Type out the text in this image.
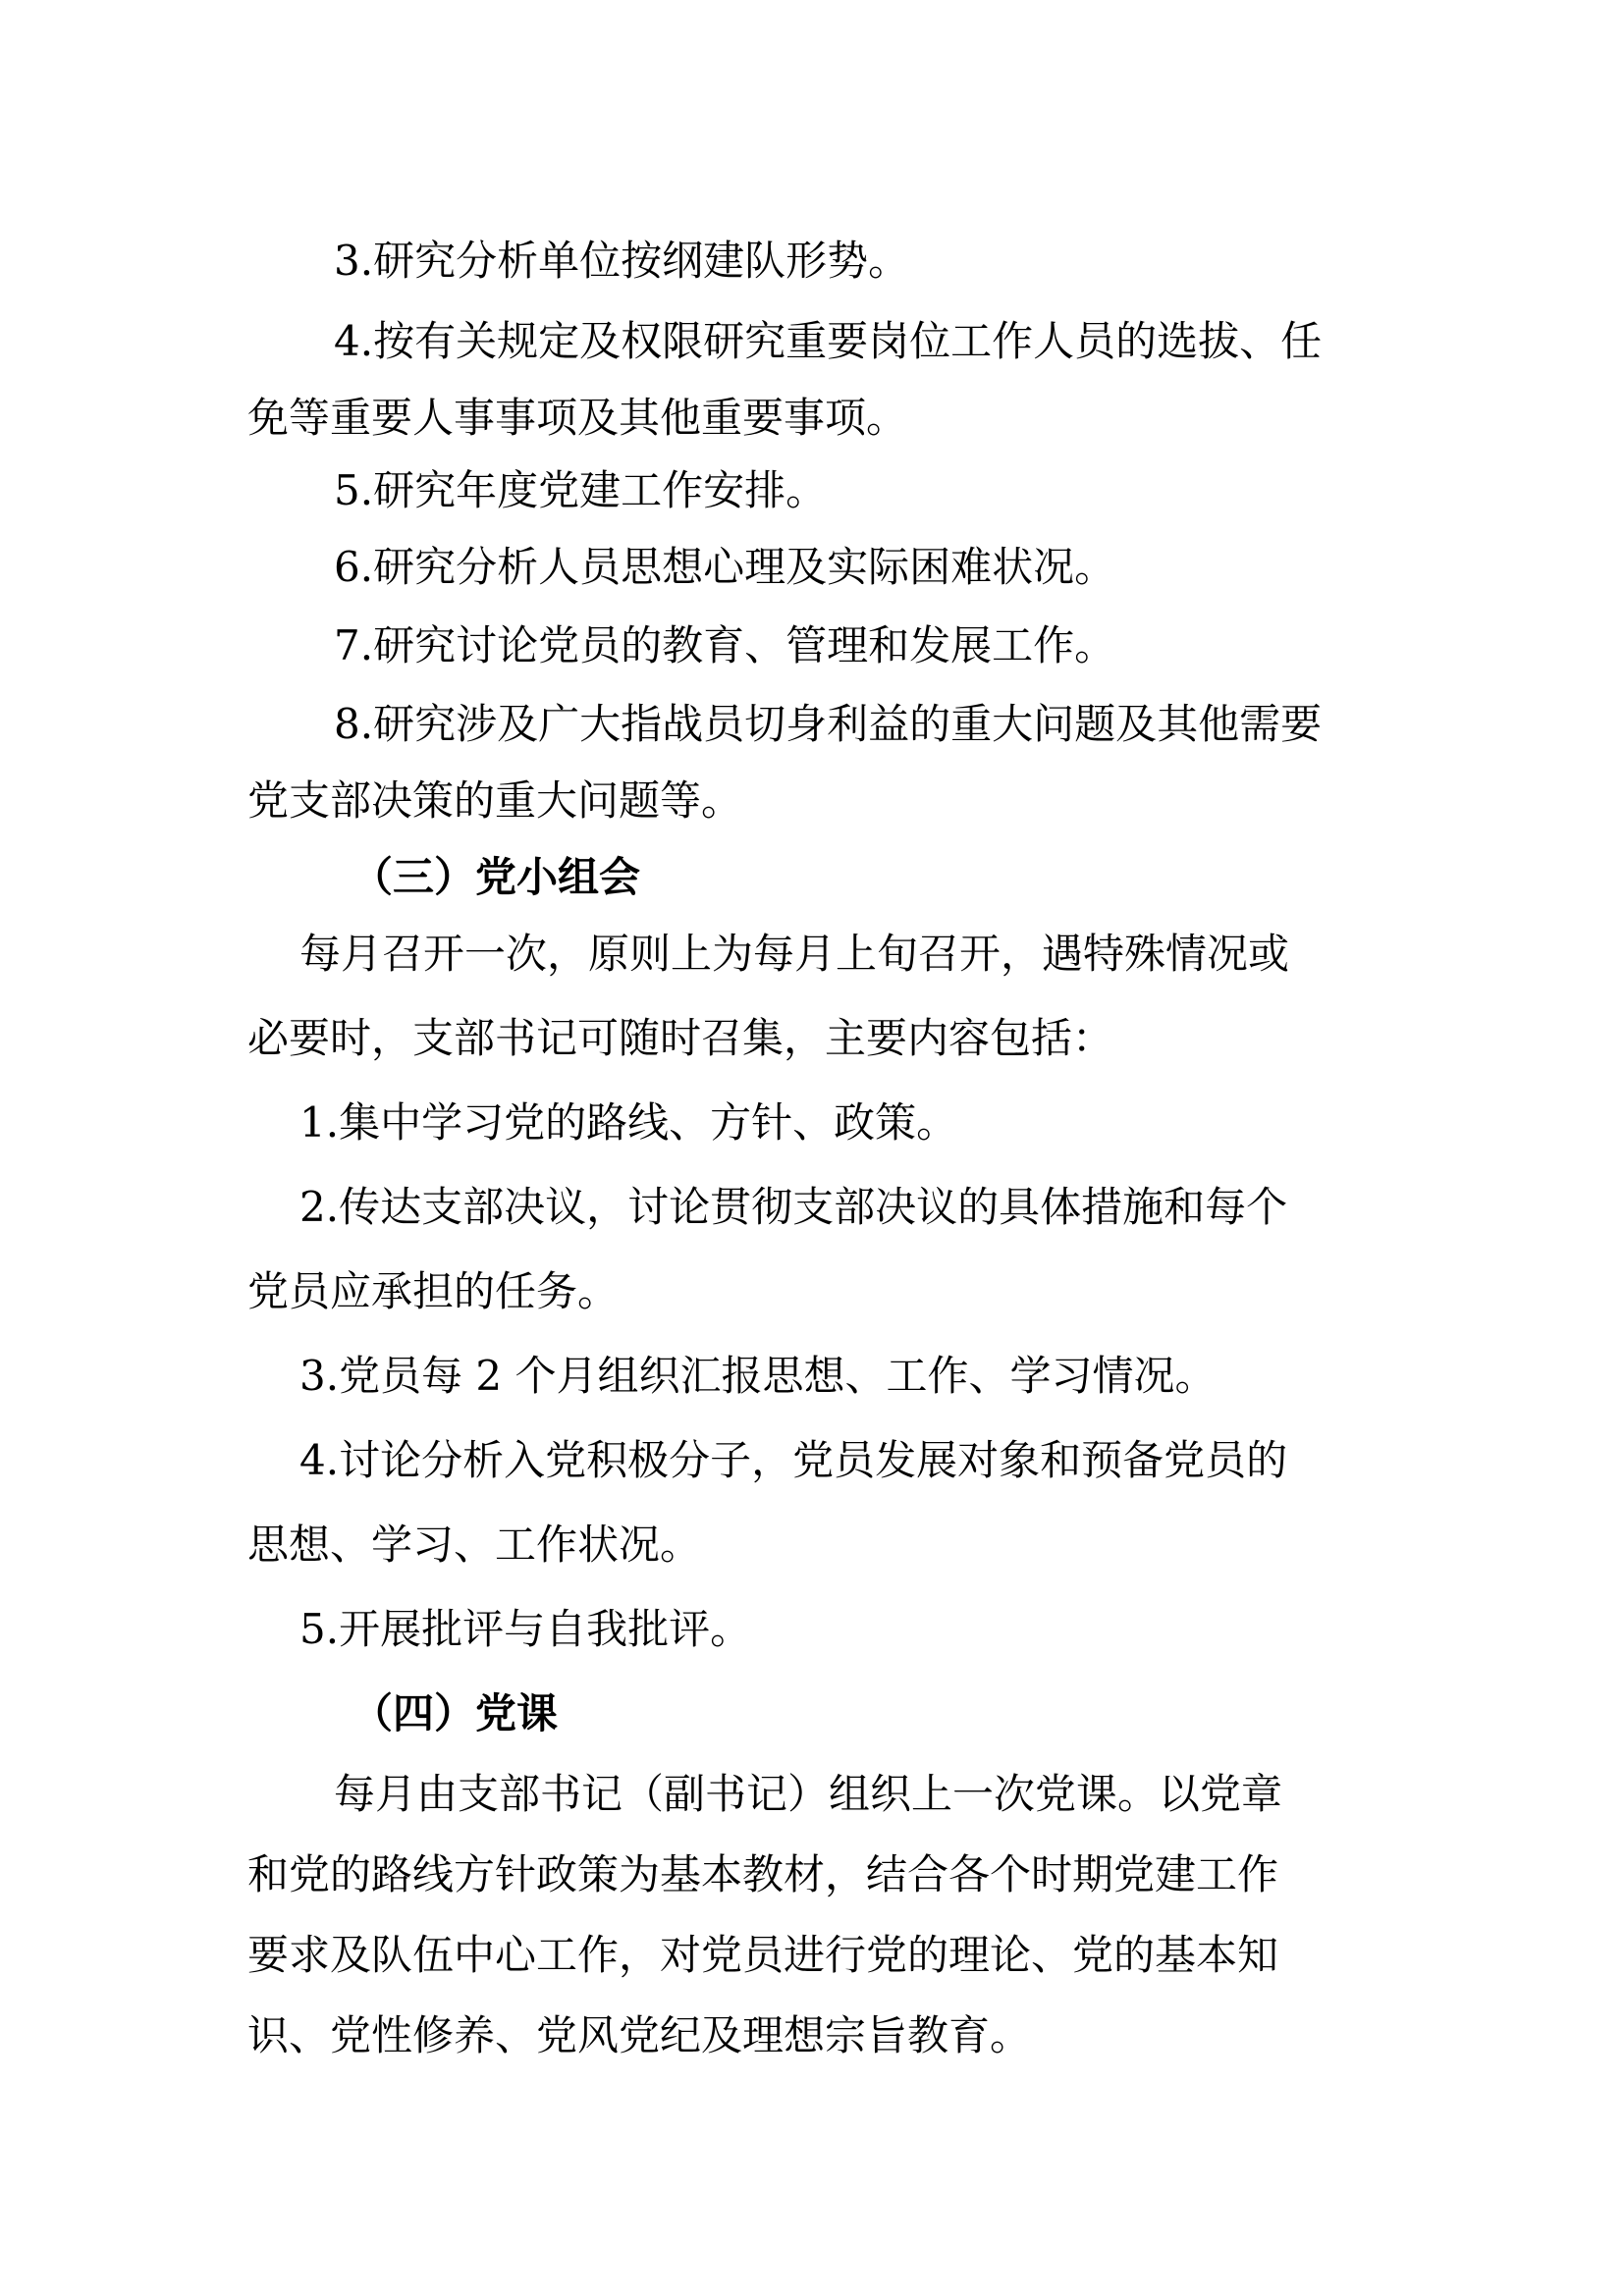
3.研究分析单位按纲建队形势。
4.按有关规定及权限研究重要岗位工作人员的选拔、任
免等重要人事事项及其他重要事项。
5.研究年度党建工作安排。
6.研究分析人员思想心理及实际困难状况。
7.研究讨论党员的教育、管理和发展工作。
8.研究涉及广大指战员切身利益的重大问题及其他需要
党支部决策的重大问题等。
（三）党小组会
每月召开一次，原则上为每月上旬召开，遇特殊情况或
必要时，支部书记可随时召集，主要内容包括：
1.集中学习党的路线、方针、政策。
2.传达支部决议，讨论贯彻支部决议的具体措施和每个
党员应承担的任务。
3.党员每 2 个月组织汇报思想、工作、学习情况。
4.讨论分析入党积极分子，党员发展对象和预备党员的
思想、学习、工作状况。
5.开展批评与自我批评。
（四）党课
每月由支部书记（副书记）组织上一次党课。以党章
和党的路线方针政策为基本教材，结合各个时期党建工作
要求及队伍中心工作，对党员进行党的理论、党的基本知
识、党性修养、党风党纪及理想宗旨教育。
